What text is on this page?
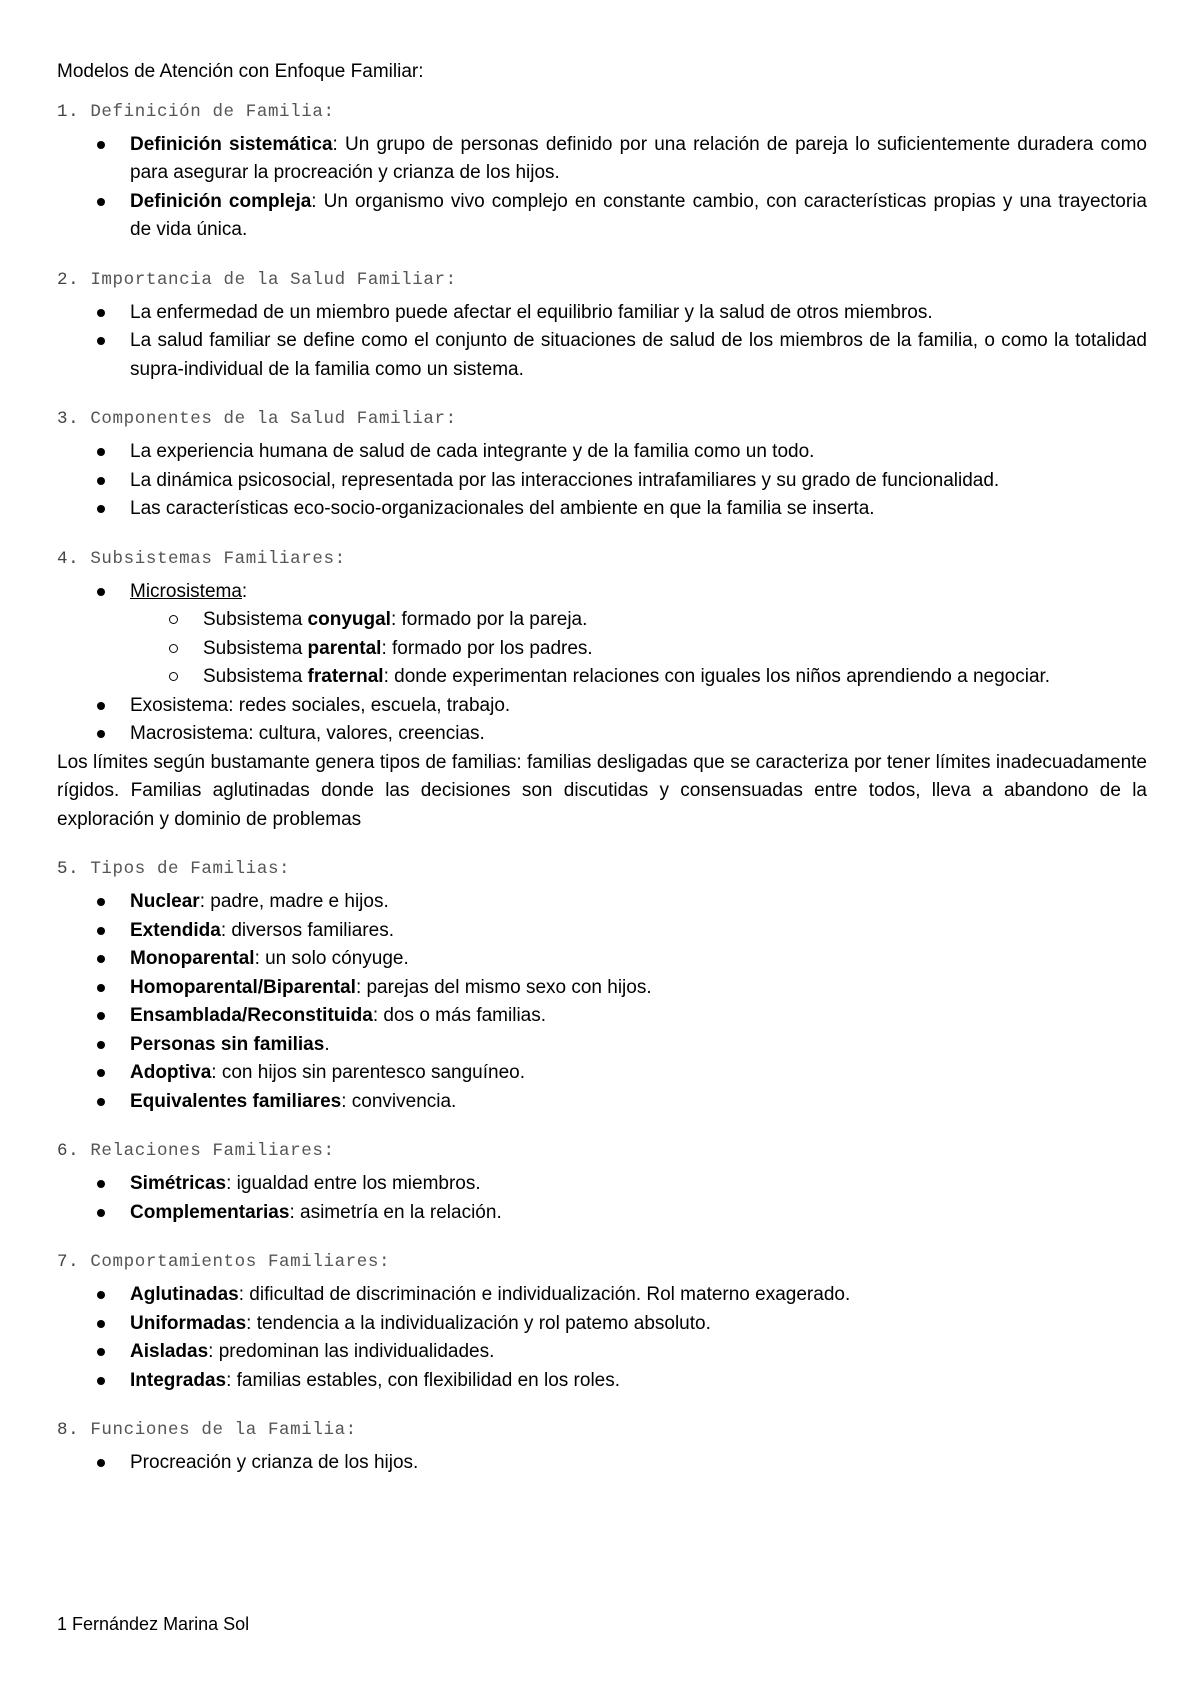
Modelos de Atención con Enfoque Familiar:

1. Definición de Familia:
Definición sistemática: Un grupo de personas definido por una relación de pareja lo suficientemente duradera como para asegurar la procreación y crianza de los hijos.
Definición compleja: Un organismo vivo complejo en constante cambio, con características propias y una trayectoria de vida única.
2. Importancia de la Salud Familiar:
La enfermedad de un miembro puede afectar el equilibrio familiar y la salud de otros miembros.
La salud familiar se define como el conjunto de situaciones de salud de los miembros de la familia, o como la totalidad supra-individual de la familia como un sistema.
3. Componentes de la Salud Familiar:
La experiencia humana de salud de cada integrante y de la familia como un todo.
La dinámica psicosocial, representada por las interacciones intrafamiliares y su grado de funcionalidad.
Las características eco-socio-organizacionales del ambiente en que la familia se inserta.
4. Subsistemas Familiares:
Microsistema:
Subsistema conyugal: formado por la pareja.
Subsistema parental: formado por los padres.
Subsistema fraternal: donde experimentan relaciones con iguales los niños aprendiendo a negociar.
Exosistema: redes sociales, escuela, trabajo.
Macrosistema: cultura, valores, creencias.

Los límites según bustamante genera tipos de familias: familias desligadas que se caracteriza por tener límites inadecuadamente rígidos. Familias aglutinadas donde las decisiones son discutidas y consensuadas entre todos, lleva a abandono de la exploración y dominio de problemas

5. Tipos de Familias:
Nuclear: padre, madre e hijos.
Extendida: diversos familiares.
Monoparental: un solo cónyuge.
Homoparental/Biparental: parejas del mismo sexo con hijos.
Ensamblada/Reconstituida: dos o más familias.
Personas sin familias.
Adoptiva: con hijos sin parentesco sanguíneo.
Equivalentes familiares: convivencia.
6. Relaciones Familiares:
Simétricas: igualdad entre los miembros.
Complementarias: asimetría en la relación.
7. Comportamientos Familiares:
Aglutinadas: dificultad de discriminación e individualización. Rol materno exagerado.
Uniformadas: tendencia a la individualización y rol patemo absoluto.
Aisladas: predominan las individualidades.
Integradas: familias estables, con flexibilidad en los roles.
8. Funciones de la Familia:
Procreación y crianza de los hijos.
1 Fernández Marina Sol
